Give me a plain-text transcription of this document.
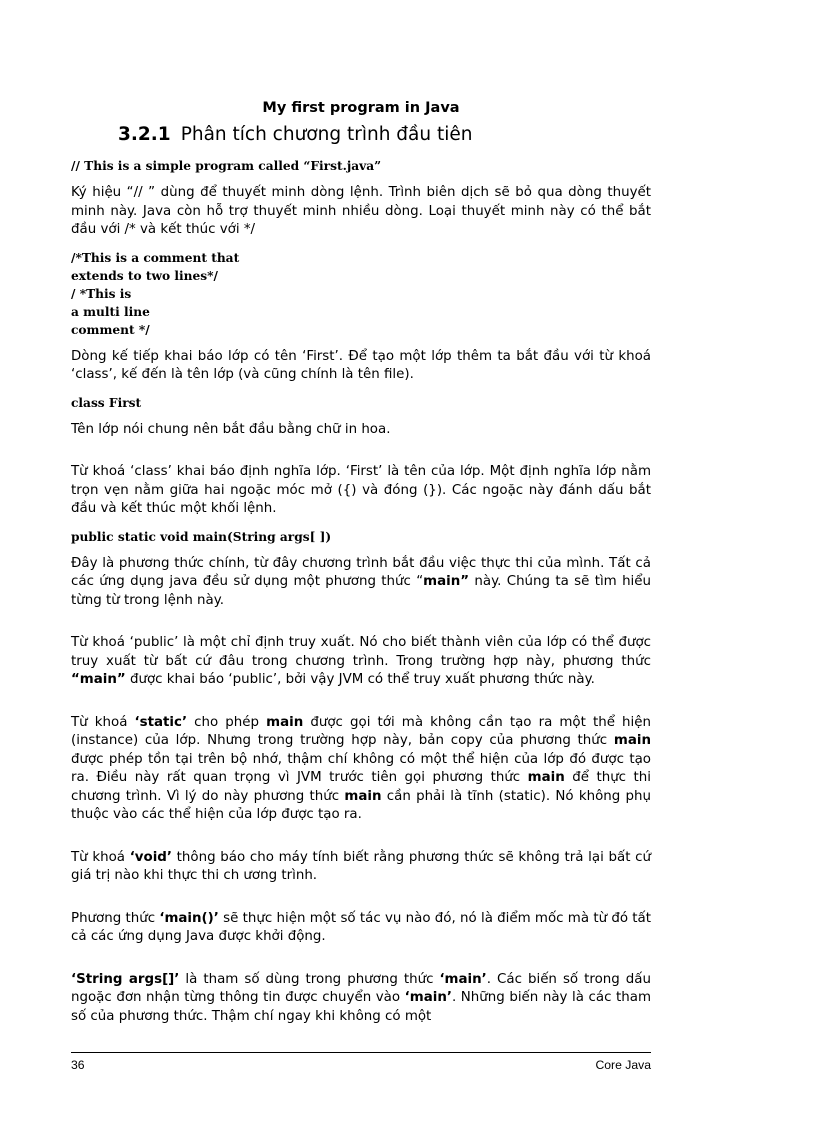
My first program in Java
3.2.1 Phân tích chương trình đầu tiên
// This is a simple program called “First.java”

Ký hiệu “// ” dùng để thuyết minh dòng lệnh. Trình biên dịch sẽ bỏ qua dòng thuyết minh này. Java còn hỗ trợ thuyết minh nhiều dòng. Loại thuyết minh này có thể bắt đầu với /* và kết thúc với */

/*This is a comment that
extends to two lines*/
/ *This is
a multi line
comment */

Dòng kế tiếp khai báo lớp có tên ‘First’. Để tạo một lớp thêm ta bắt đầu với từ khoá ‘class’, kế đến là tên lớp (và cũng chính là tên file).

class First

Tên lớp nói chung nên bắt đầu bằng chữ in hoa.

Từ khoá ‘class’ khai báo định nghĩa lớp. ‘First’ là tên của lớp. Một định nghĩa lớp nằm trọn vẹn nằm giữa hai ngoặc móc mở ({) và đóng (}). Các ngoặc này đánh dấu bắt đầu và kết thúc một khối lệnh.

public static void main(String args[ ])

Đây là phương thức chính, từ đây chương trình bắt đầu việc thực thi của mình. Tất cả các ứng dụng java đều sử dụng một phương thức “main” này. Chúng ta sẽ tìm hiểu từng từ trong lệnh này.

Từ khoá ‘public’ là một chỉ định truy xuất. Nó cho biết thành viên của lớp có thể được truy xuất từ bất cứ đâu trong chương trình. Trong trường hợp này, phương thức “main” được khai báo ‘public’, bởi vậy JVM có thể truy xuất phương thức này.

Từ khoá ‘static’ cho phép main được gọi tới mà không cần tạo ra một thể hiện (instance) của lớp. Nhưng trong trường hợp này, bản copy của phương thức main được phép tồn tại trên bộ nhớ, thậm chí không có một thể hiện của lớp đó được tạo ra. Điều này rất quan trọng vì JVM trước tiên gọi phương thức main để thực thi chương trình. Vì lý do này phương thức main cần phải là tĩnh (static). Nó không phụ thuộc vào các thể hiện của lớp được tạo ra.

Từ khoá ‘void’ thông báo cho máy tính biết rằng phương thức sẽ không trả lại bất cứ giá trị nào khi thực thi ch ương trình.

Phương thức ‘main()’ sẽ thực hiện một số tác vụ nào đó, nó là điểm mốc mà từ đó tất cả các ứng dụng Java được khởi động.

‘String args[]’ là tham số dùng trong phương thức ‘main’. Các biến số trong dấu ngoặc đơn nhận từng thông tin được chuyển vào ‘main’. Những biến này là các tham số của phương thức. Thậm chí ngay khi không có một

36	Core Java
